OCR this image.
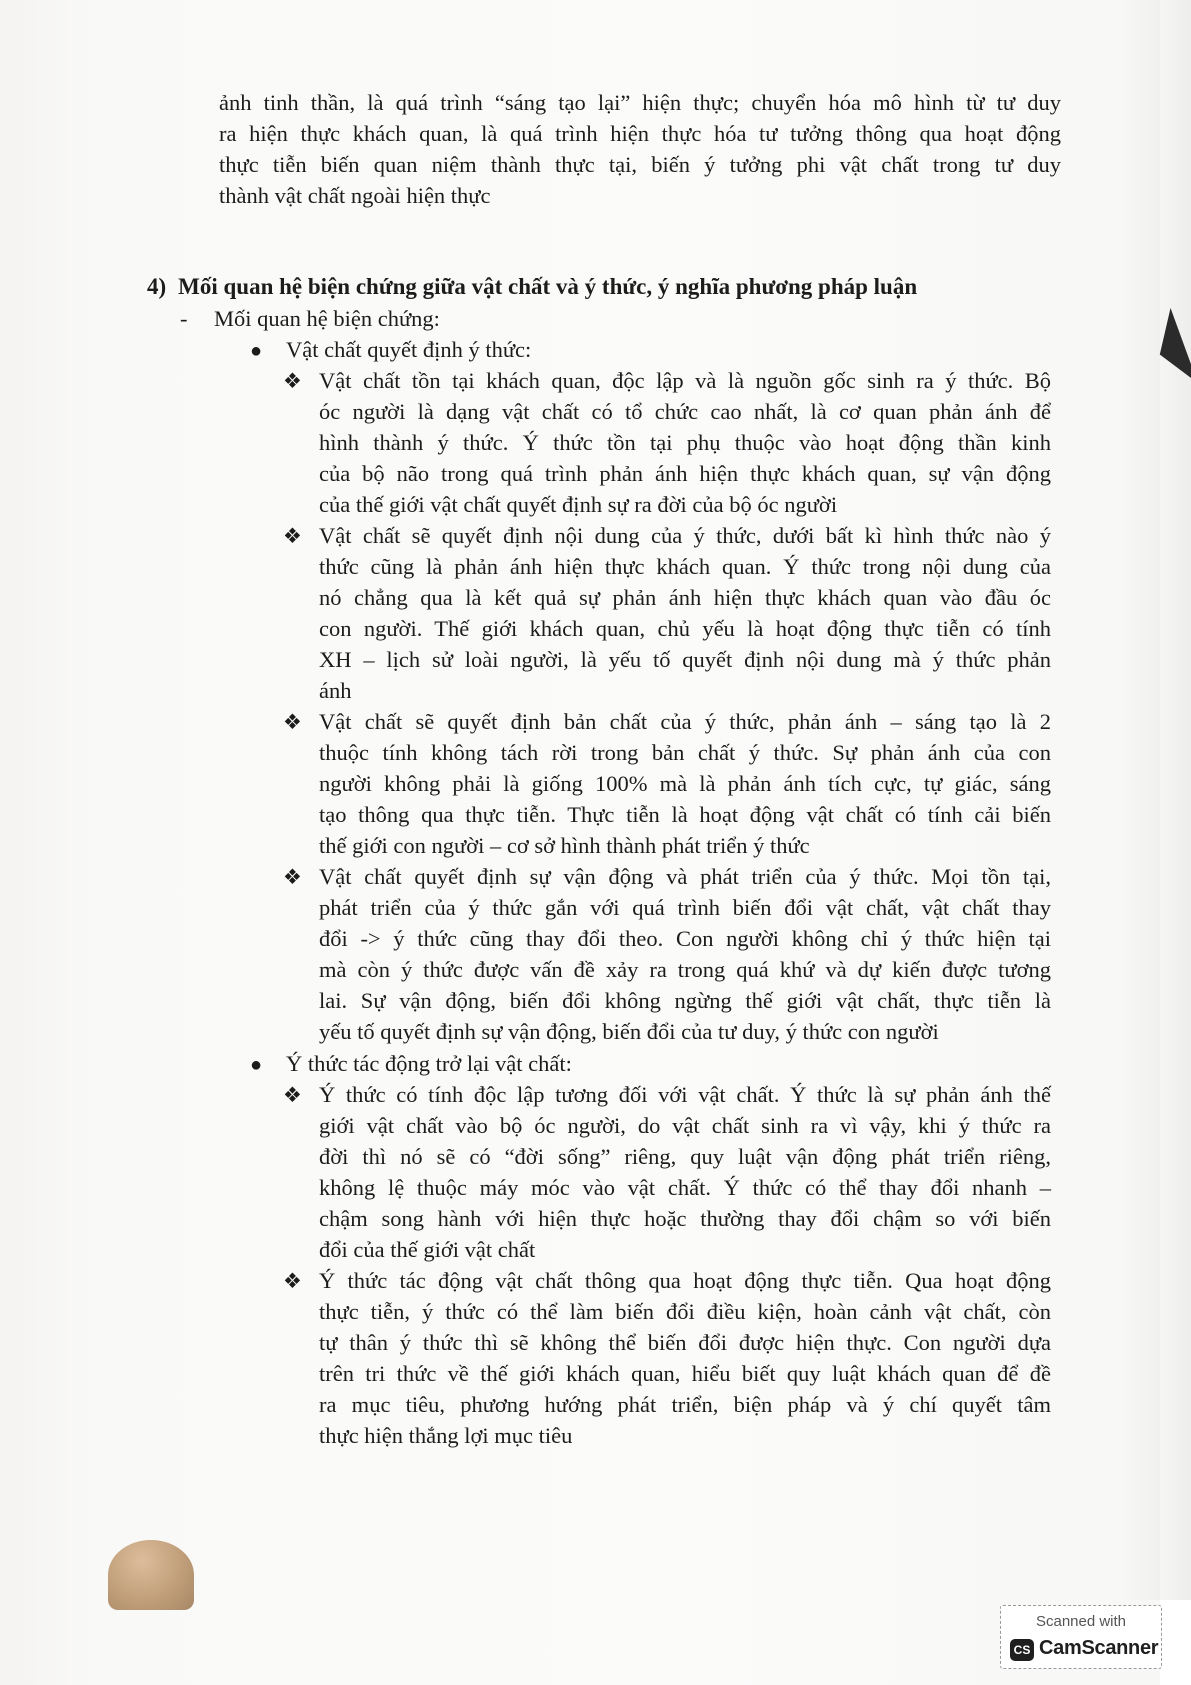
ảnh tinh thần, là quá trình “sáng tạo lại” hiện thực; chuyển hóa mô hình từ tư duy
ra hiện thực khách quan, là quá trình hiện thực hóa tư tưởng thông qua hoạt động
thực tiễn biến quan niệm thành thực tại, biến ý tưởng phi vật chất trong tư duy
thành vật chất ngoài hiện thực
4) Mối quan hệ biện chứng giữa vật chất và ý thức, ý nghĩa phương pháp luận
- Mối quan hệ biện chứng:
● Vật chất quyết định ý thức:
❖ Vật chất tồn tại khách quan, độc lập và là nguồn gốc sinh ra ý thức. Bộ
óc người là dạng vật chất có tổ chức cao nhất, là cơ quan phản ánh để
hình thành ý thức. Ý thức tồn tại phụ thuộc vào hoạt động thần kinh
của bộ não trong quá trình phản ánh hiện thực khách quan, sự vận động
của thế giới vật chất quyết định sự ra đời của bộ óc người
❖ Vật chất sẽ quyết định nội dung của ý thức, dưới bất kì hình thức nào ý
thức cũng là phản ánh hiện thực khách quan. Ý thức trong nội dung của
nó chẳng qua là kết quả sự phản ánh hiện thực khách quan vào đầu óc
con người. Thế giới khách quan, chủ yếu là hoạt động thực tiễn có tính
XH – lịch sử loài người, là yếu tố quyết định nội dung mà ý thức phản
ánh
❖ Vật chất sẽ quyết định bản chất của ý thức, phản ánh – sáng tạo là 2
thuộc tính không tách rời trong bản chất ý thức. Sự phản ánh của con
người không phải là giống 100% mà là phản ánh tích cực, tự giác, sáng
tạo thông qua thực tiễn. Thực tiễn là hoạt động vật chất có tính cải biến
thế giới con người – cơ sở hình thành phát triển ý thức
❖ Vật chất quyết định sự vận động và phát triển của ý thức. Mọi tồn tại,
phát triển của ý thức gắn với quá trình biến đổi vật chất, vật chất thay
đổi -> ý thức cũng thay đổi theo. Con người không chỉ ý thức hiện tại
mà còn ý thức được vấn đề xảy ra trong quá khứ và dự kiến được tương
lai. Sự vận động, biến đổi không ngừng thế giới vật chất, thực tiễn là
yếu tố quyết định sự vận động, biến đổi của tư duy, ý thức con người
● Ý thức tác động trở lại vật chất:
❖ Ý thức có tính độc lập tương đối với vật chất. Ý thức là sự phản ánh thế
giới vật chất vào bộ óc người, do vật chất sinh ra vì vậy, khi ý thức ra
đời thì nó sẽ có “đời sống” riêng, quy luật vận động phát triển riêng,
không lệ thuộc máy móc vào vật chất. Ý thức có thể thay đổi nhanh –
chậm song hành với hiện thực hoặc thường thay đổi chậm so với biến
đổi của thế giới vật chất
❖ Ý thức tác động vật chất thông qua hoạt động thực tiễn. Qua hoạt động
thực tiễn, ý thức có thể làm biến đổi điều kiện, hoàn cảnh vật chất, còn
tự thân ý thức thì sẽ không thể biến đổi được hiện thực. Con người dựa
trên tri thức về thế giới khách quan, hiểu biết quy luật khách quan để đề
ra mục tiêu, phương hướng phát triển, biện pháp và ý chí quyết tâm
thực hiện thắng lợi mục tiêu
Scanned with
CS CamScanner
